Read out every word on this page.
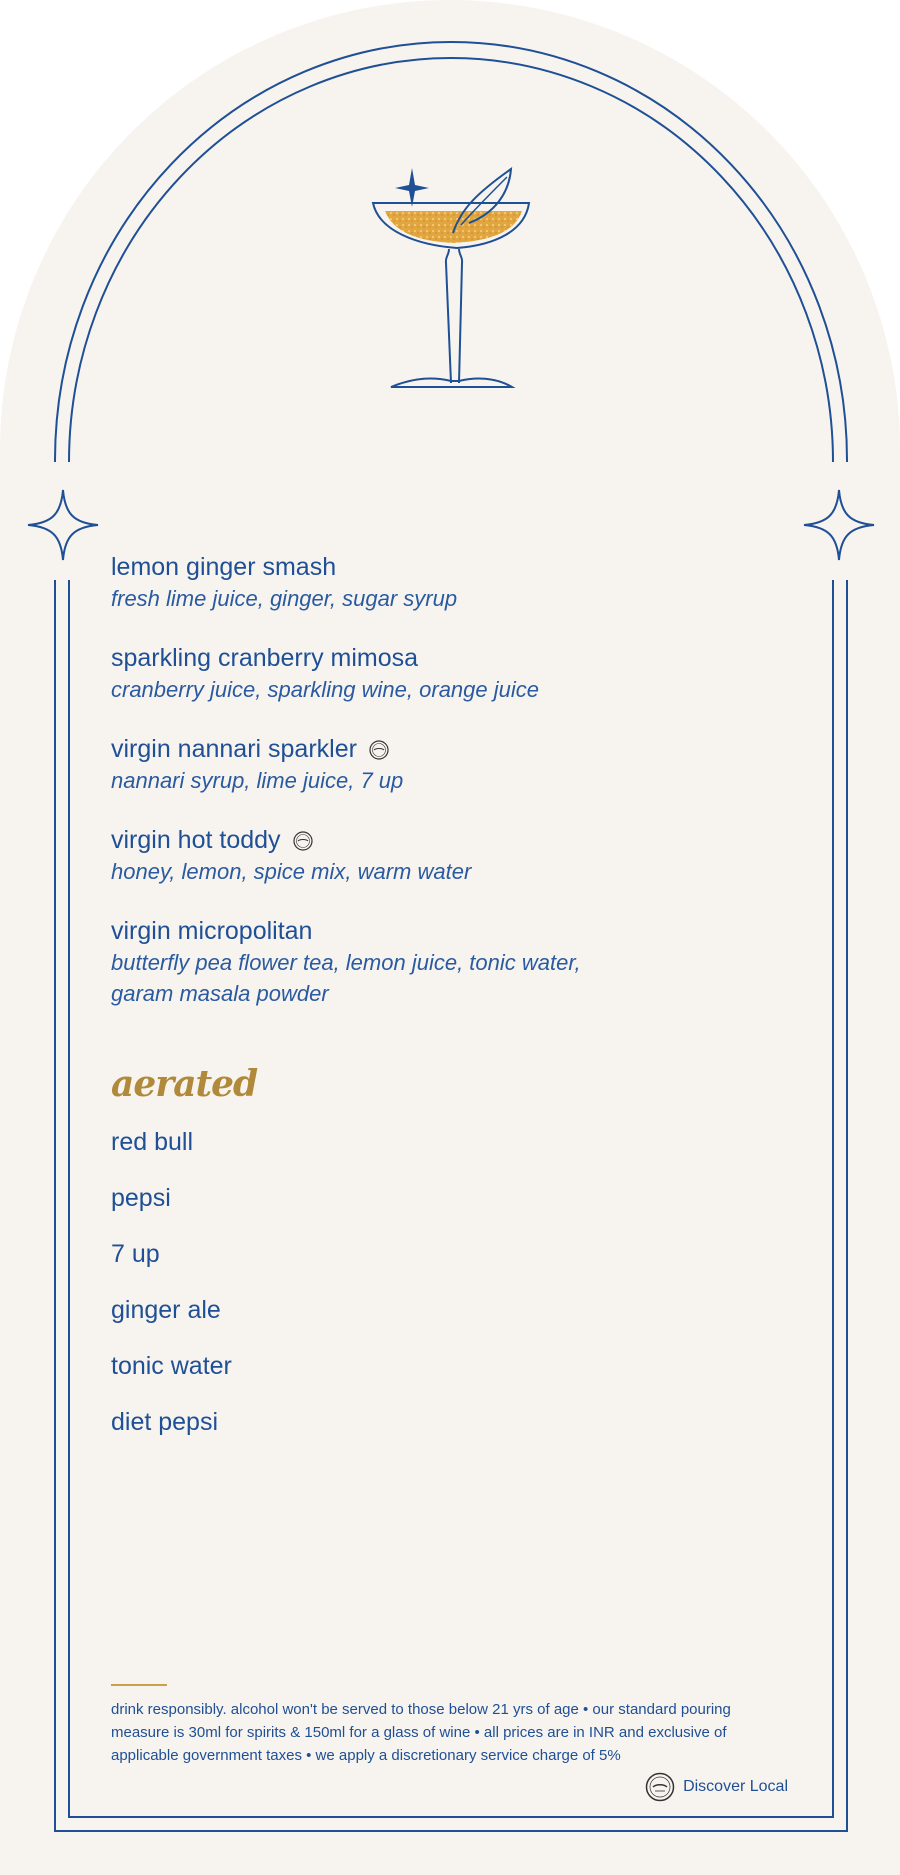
lemon ginger smash
fresh lime juice, ginger, sugar syrup
sparkling cranberry mimosa
cranberry juice, sparkling wine, orange juice
virgin nannari sparkler
nannari syrup, lime juice, 7 up
virgin hot toddy
honey, lemon, spice mix, warm water
virgin micropolitan
butterfly pea flower tea, lemon juice, tonic water, garam masala powder
aerated
red bull
pepsi
7 up
ginger ale
tonic water
diet pepsi
drink responsibly. alcohol won't be served to those below 21 yrs of age • our standard pouring measure is 30ml for spirits & 150ml for a glass of wine • all prices are in INR and exclusive of applicable government taxes • we apply a discretionary service charge of 5%
Discover Local
